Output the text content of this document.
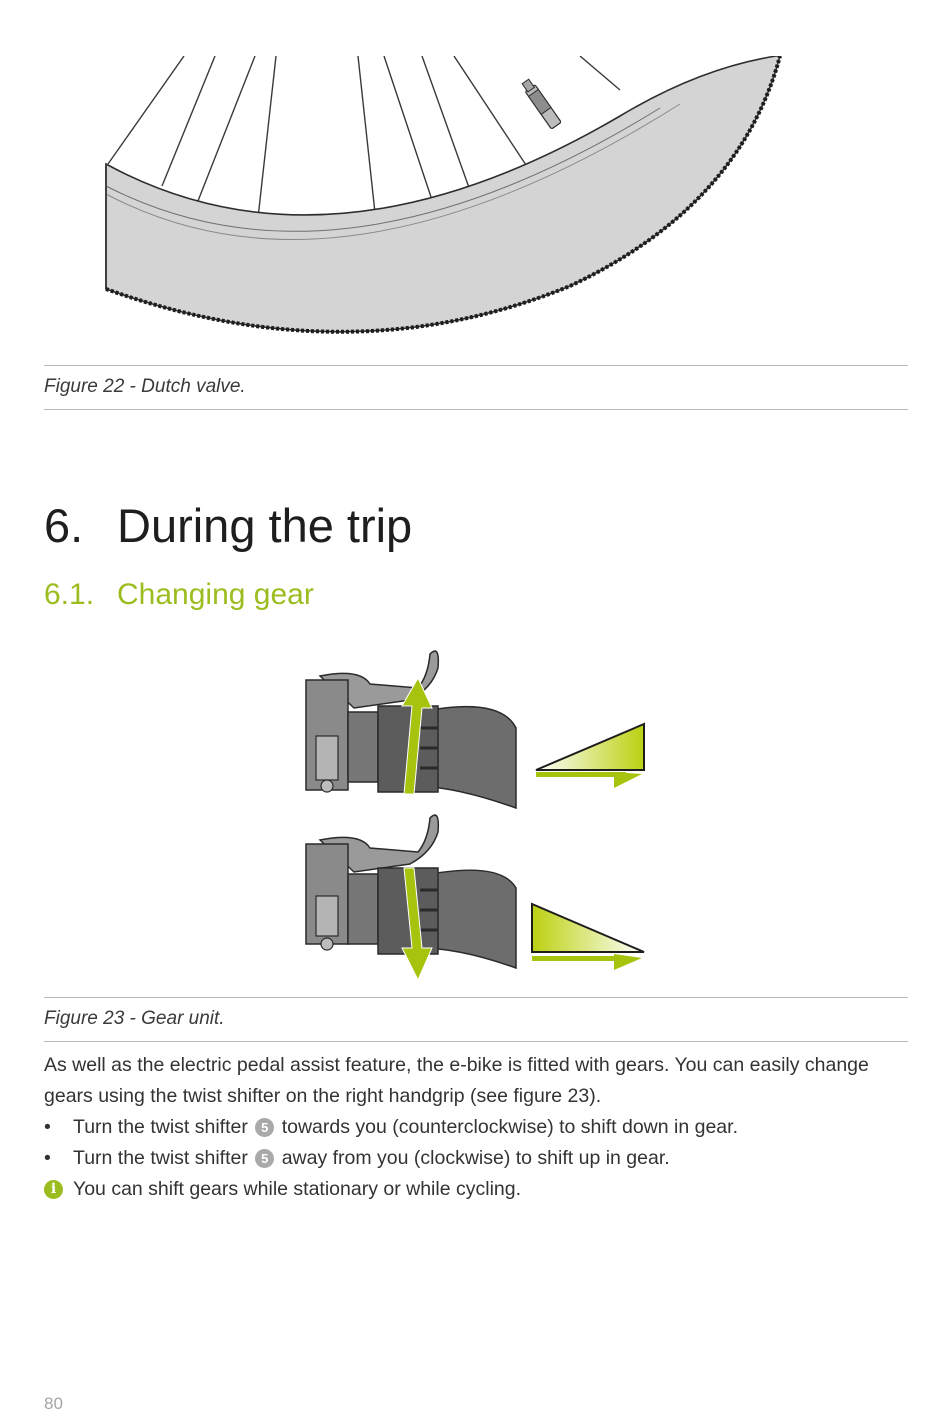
Figure 22 - Dutch valve.
6. During the trip
6.1. Changing gear
Figure 23 - Gear unit.
As well as the electric pedal assist feature, the e-bike is fitted with gears. You can easily change
gears using the twist shifter on the right handgrip (see figure 23).
• Turn the twist shifter 5 towards you (counterclockwise) to shift down in gear.
• Turn the twist shifter 5 away from you (clockwise) to shift up in gear.
i You can shift gears while stationary or while cycling.
80
